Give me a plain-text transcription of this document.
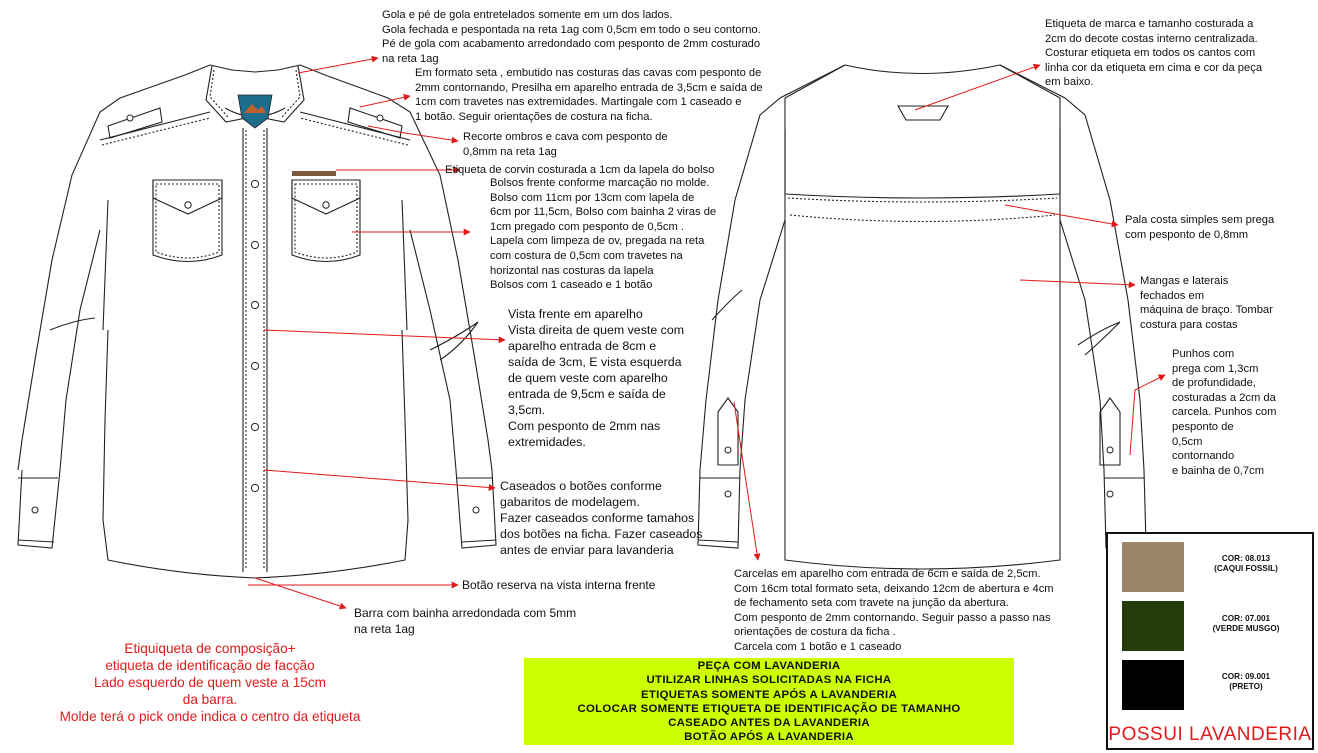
Gola e pé de gola entretelados somente em um dos lados.
Gola fechada e pespontada na reta 1ag com 0,5cm em todo o seu contorno.
Pé de gola com acabamento arredondado com pesponto de 2mm costurado
na reta 1ag
Em formato seta , embutido nas costuras das cavas com pesponto de
2mm contornando, Presilha em aparelho entrada de 3,5cm e saída de
1cm com travetes nas extremidades. Martingale com 1 caseado e
1 botão. Seguir orientações de costura na ficha.
Recorte ombros e cava com pesponto de
0,8mm na reta 1ag
Etiqueta de corvin costurada a 1cm da lapela do bolso
Bolsos frente conforme marcação no molde.
Bolso com 11cm por 13cm com lapela de
6cm por 11,5cm, Bolso com bainha 2 viras de
1cm pregado com pesponto de 0,5cm .
Lapela com limpeza de ov, pregada na reta
com costura de 0,5cm com travetes na
horizontal nas costuras da lapela
Bolsos com 1 caseado e 1 botão
Vista frente em aparelho
Vista direita de quem veste com
aparelho entrada de 8cm e
saída de 3cm, E vista esquerda
de quem veste com aparelho
entrada de 9,5cm e saída de
3,5cm.
Com pesponto de 2mm nas
extremidades.
Caseados o botões conforme
gabaritos de modelagem.
Fazer caseados conforme tamahos
dos botões na ficha. Fazer caseados
antes de enviar para lavanderia
Botão reserva na vista interna frente
Barra com bainha arredondada com 5mm
na reta 1ag
Etiqueta de marca e tamanho costurada a
2cm do decote costas interno centralizada.
Costurar etiqueta em todos os cantos com
linha cor da etiqueta em cima e cor da peça
em baixo.
Pala costa simples sem prega
com pesponto de 0,8mm
Mangas e laterais
fechados em
máquina de braço. Tombar
costura para costas
Punhos com
prega com 1,3cm
de profundidade,
costuradas a 2cm da
carcela. Punhos com
pesponto de
0,5cm
contornando
e bainha de 0,7cm
Carcelas em aparelho com entrada de 6cm e saída de 2,5cm.
Com 16cm total formato seta, deixando 12cm de abertura e 4cm
de fechamento seta com travete na junção da abertura.
Com pesponto de 2mm contornando. Seguir passo a passo nas
orientações de costura da ficha .
Carcela com 1 botão e 1 caseado
Etiquiqueta de composição+
etiqueta de identificação de facção
Lado esquerdo de quem veste a 15cm
da barra.
Molde terá o pick onde indica o centro da etiqueta
PEÇA COM LAVANDERIA
UTILIZAR LINHAS SOLICITADAS NA FICHA
ETIQUETAS SOMENTE APÓS A LAVANDERIA
COLOCAR SOMENTE ETIQUETA DE IDENTIFICAÇÃO DE TAMANHO
CASEADO ANTES DA LAVANDERIA
BOTÃO APÓS A LAVANDERIA
COR: 08.013
(CAQUI FOSSIL)
COR: 07.001
(VERDE MUSGO)
COR: 09.001
(PRETO)
POSSUI LAVANDERIA
